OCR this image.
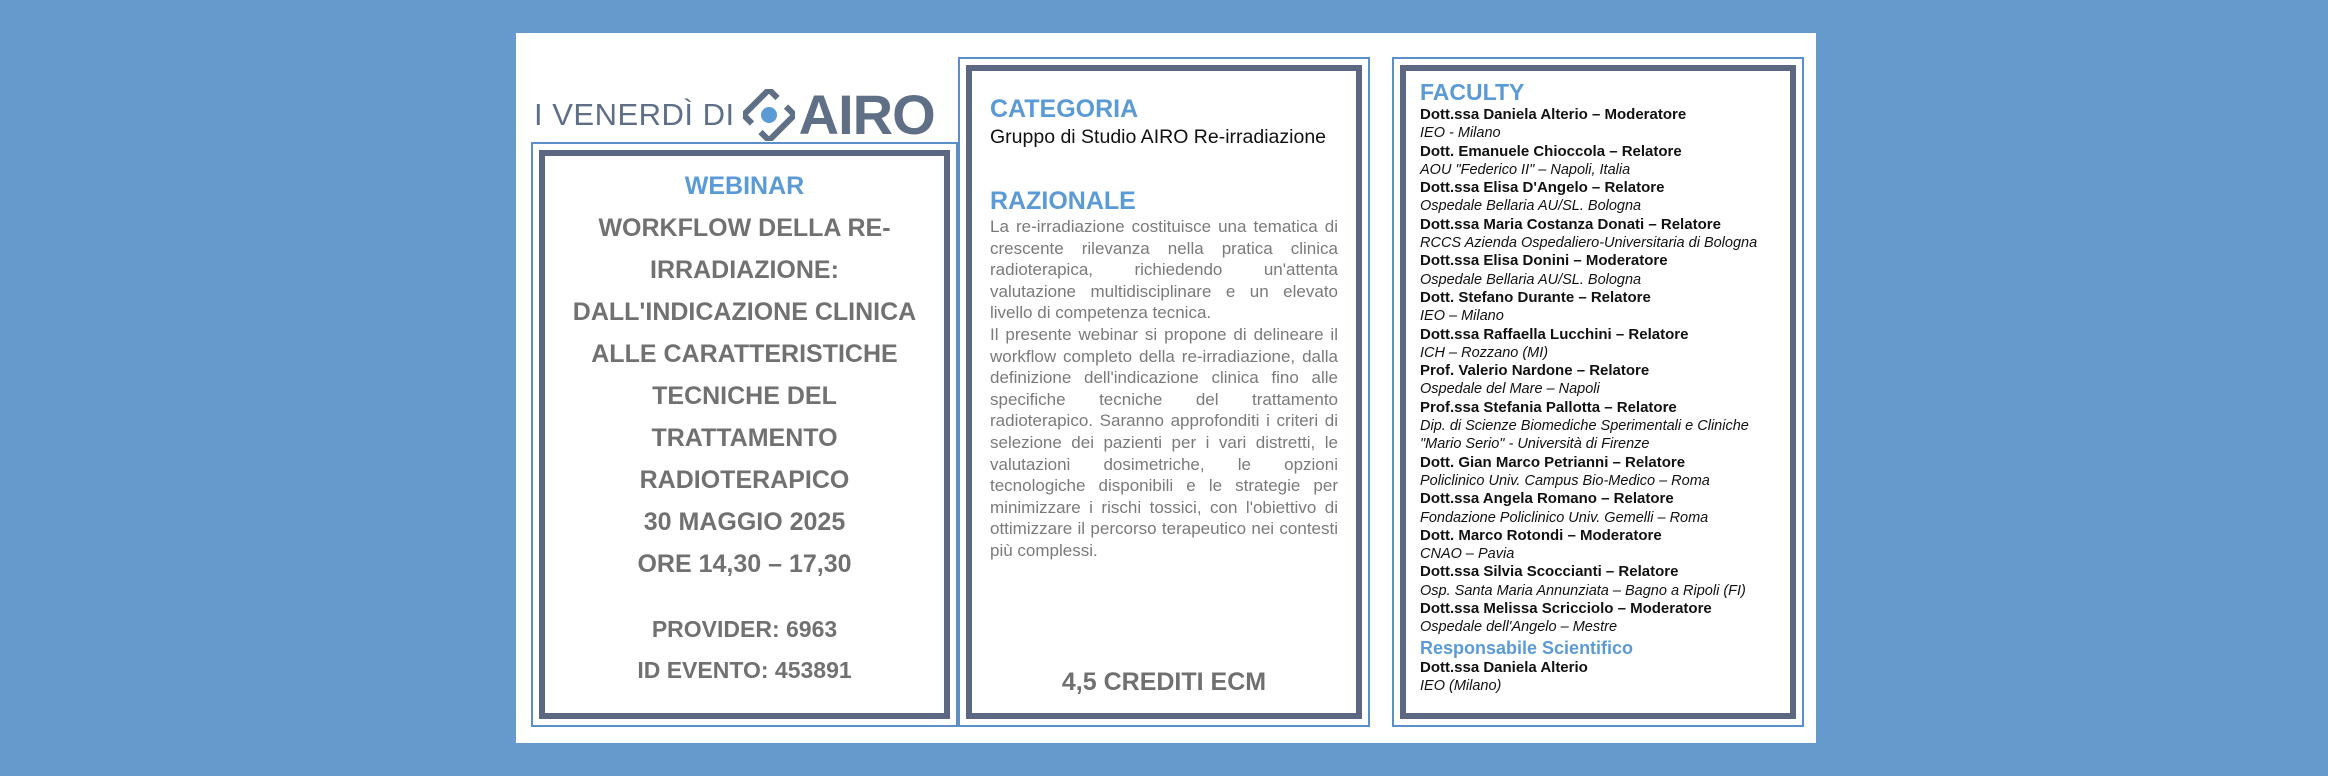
I VENERDÌ DI AIRO
WEBINAR
WORKFLOW DELLA RE-
IRRADIAZIONE:
DALL'INDICAZIONE CLINICA
ALLE CARATTERISTICHE
TECNICHE DEL
TRATTAMENTO
RADIOTERAPICO
30 MAGGIO 2025
ORE 14,30 – 17,30
PROVIDER: 6963
ID EVENTO: 453891
CATEGORIA
Gruppo di Studio AIRO Re-irradiazione
RAZIONALE

La re-irradiazione costituisce una tematica di crescente rilevanza nella pratica clinica radioterapica, richiedendo un'attenta valutazione multidisciplinare e un elevato livello di competenza tecnica.

Il presente webinar si propone di delineare il workflow completo della re-irradiazione, dalla definizione dell'indicazione clinica fino alle specifiche tecniche del trattamento radioterapico. Saranno approfonditi i criteri di selezione dei pazienti per i vari distretti, le valutazioni dosimetriche, le opzioni tecnologiche disponibili e le strategie per minimizzare i rischi tossici, con l'obiettivo di ottimizzare il percorso terapeutico nei contesti più complessi.

4,5 CREDITI ECM
FACULTY
Dott.ssa Daniela Alterio – Moderatore
IEO - Milano
Dott. Emanuele Chioccola – Relatore
AOU "Federico II" – Napoli, Italia
Dott.ssa Elisa D'Angelo – Relatore
Ospedale Bellaria AU/SL. Bologna
Dott.ssa Maria Costanza Donati – Relatore
RCCS Azienda Ospedaliero-Universitaria di Bologna
Dott.ssa Elisa Donini – Moderatore
Ospedale Bellaria AU/SL. Bologna
Dott. Stefano Durante – Relatore
IEO – Milano
Dott.ssa Raffaella Lucchini – Relatore
ICH – Rozzano (MI)
Prof. Valerio Nardone – Relatore
Ospedale del Mare – Napoli
Prof.ssa Stefania Pallotta – Relatore
Dip. di Scienze Biomediche Sperimentali e Cliniche
"Mario Serio" - Università di Firenze
Dott. Gian Marco Petrianni – Relatore
Policlinico Univ. Campus Bio-Medico – Roma
Dott.ssa Angela Romano – Relatore
Fondazione Policlinico Univ. Gemelli – Roma
Dott. Marco Rotondi – Moderatore
CNAO – Pavia
Dott.ssa Silvia Scoccianti – Relatore
Osp. Santa Maria Annunziata – Bagno a Ripoli (FI)
Dott.ssa Melissa Scricciolo – Moderatore
Ospedale dell'Angelo – Mestre
Responsabile Scientifico
Dott.ssa Daniela Alterio
IEO (Milano)
